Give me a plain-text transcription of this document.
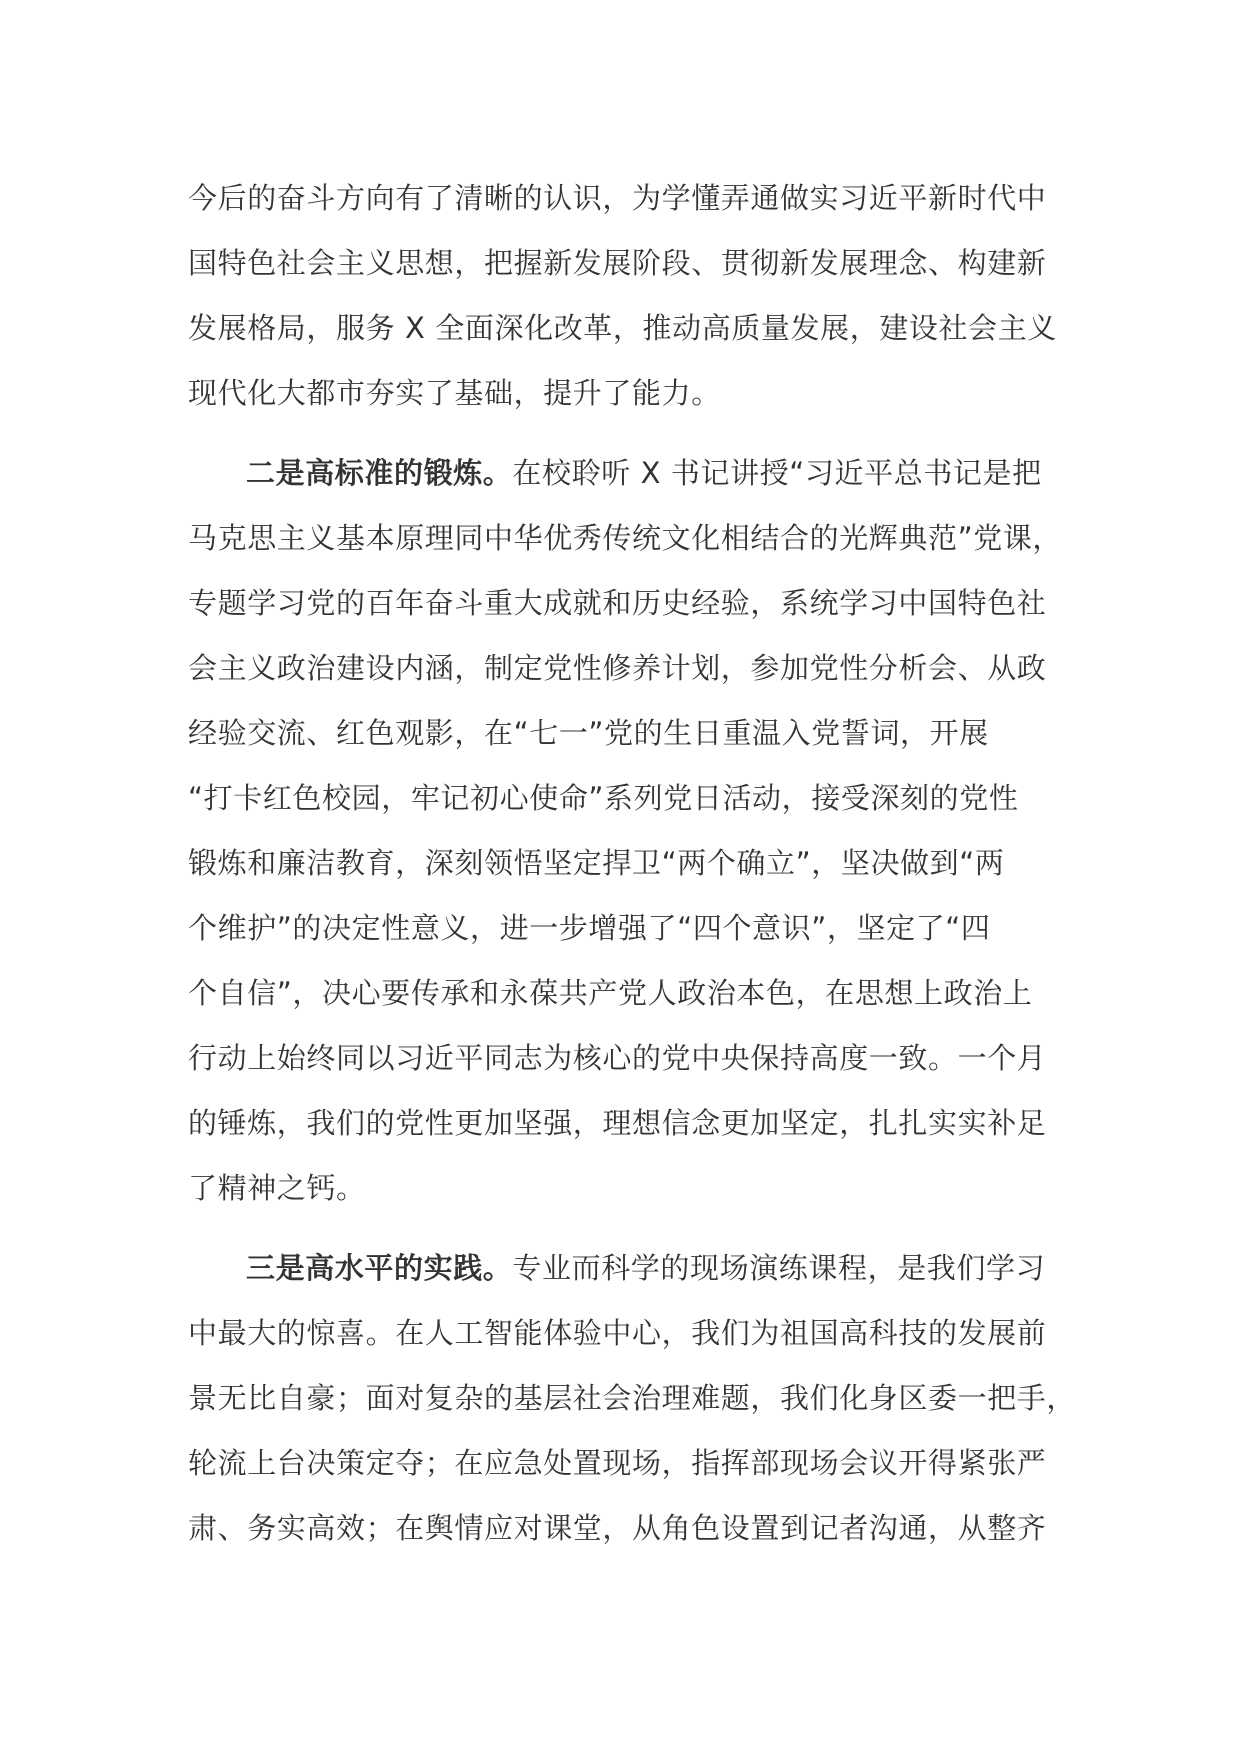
今后的奋斗方向有了清晰的认识，为学懂弄通做实习近平新时代中
国特色社会主义思想，把握新发展阶段、贯彻新发展理念、构建新
发展格局，服务 X 全面深化改革，推动高质量发展，建设社会主义
现代化大都市夯实了基础，提升了能力。
二是高标准的锻炼。在校聆听 X 书记讲授“习近平总书记是把
马克思主义基本原理同中华优秀传统文化相结合的光辉典范”党课，
专题学习党的百年奋斗重大成就和历史经验，系统学习中国特色社
会主义政治建设内涵，制定党性修养计划，参加党性分析会、从政
经验交流、红色观影，在“七一”党的生日重温入党誓词，开展
“打卡红色校园，牢记初心使命”系列党日活动，接受深刻的党性
锻炼和廉洁教育，深刻领悟坚定捍卫“两个确立”，坚决做到“两
个维护”的决定性意义，进一步增强了“四个意识”，坚定了“四
个自信”，决心要传承和永葆共产党人政治本色，在思想上政治上
行动上始终同以习近平同志为核心的党中央保持高度一致。一个月
的锤炼，我们的党性更加坚强，理想信念更加坚定，扎扎实实补足
了精神之钙。
三是高水平的实践。专业而科学的现场演练课程，是我们学习
中最大的惊喜。在人工智能体验中心，我们为祖国高科技的发展前
景无比自豪；面对复杂的基层社会治理难题，我们化身区委一把手，
轮流上台决策定夺；在应急处置现场，指挥部现场会议开得紧张严
肃、务实高效；在舆情应对课堂，从角色设置到记者沟通，从整齐
